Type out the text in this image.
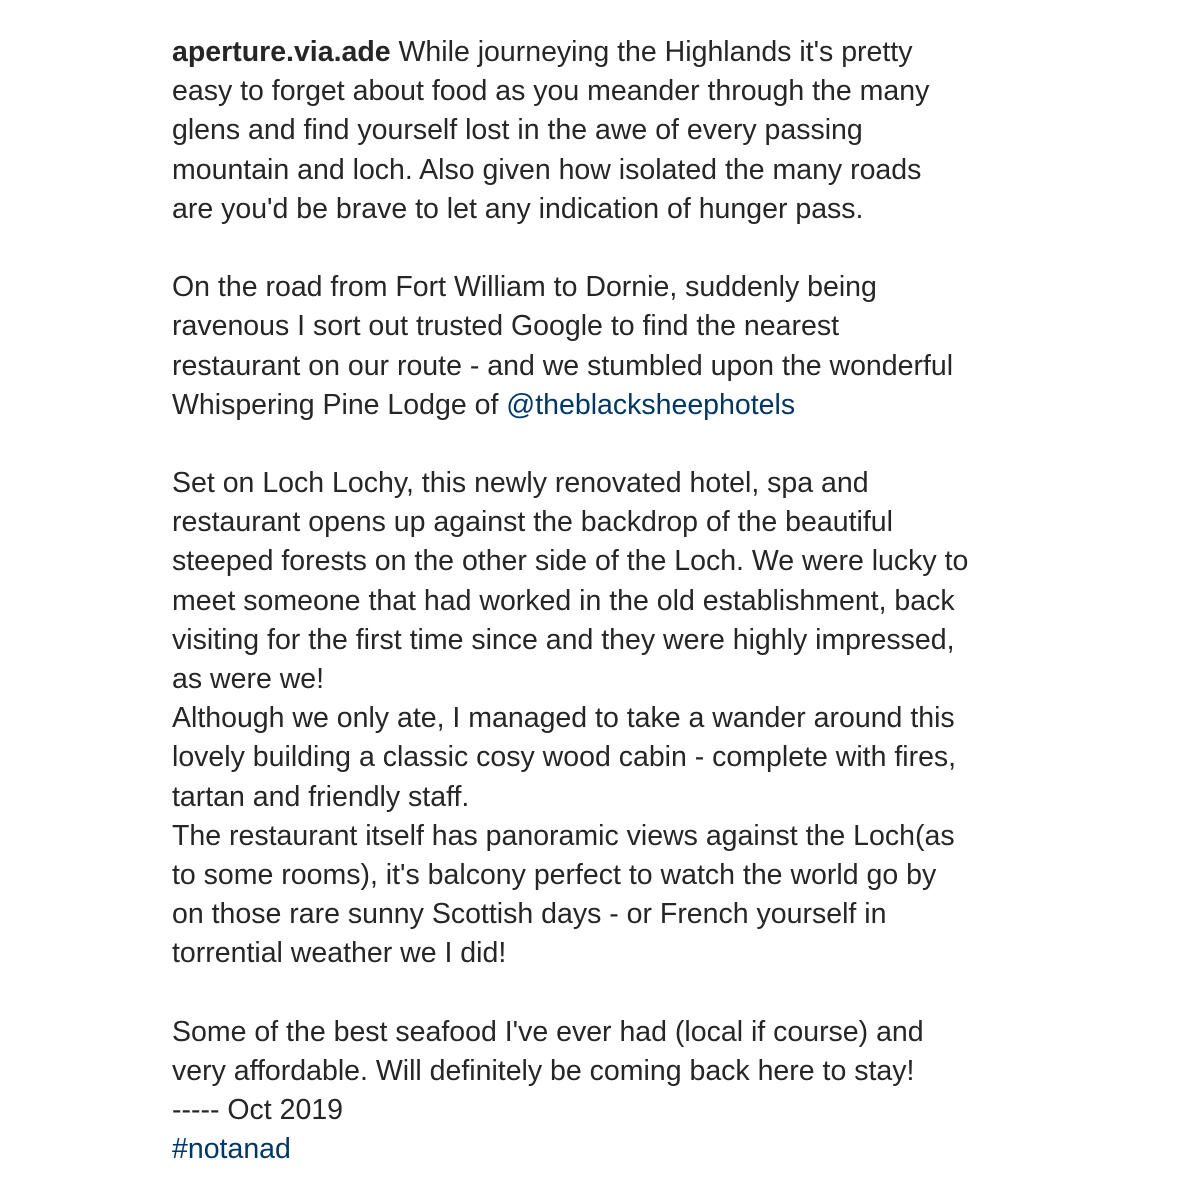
aperture.via.ade While journeying the Highlands it's pretty
easy to forget about food as you meander through the many
glens and find yourself lost in the awe of every passing
mountain and loch. Also given how isolated the many roads
are you'd be brave to let any indication of hunger pass.
On the road from Fort William to Dornie, suddenly being
ravenous I sort out trusted Google to find the nearest
restaurant on our route - and we stumbled upon the wonderful
Whispering Pine Lodge of @theblacksheephotels
Set on Loch Lochy, this newly renovated hotel, spa and
restaurant opens up against the backdrop of the beautiful
steeped forests on the other side of the Loch. We were lucky to
meet someone that had worked in the old establishment, back
visiting for the first time since and they were highly impressed,
as were we!
Although we only ate, I managed to take a wander around this
lovely building a classic cosy wood cabin - complete with fires,
tartan and friendly staff.
The restaurant itself has panoramic views against the Loch(as
to some rooms), it's balcony perfect to watch the world go by
on those rare sunny Scottish days - or French yourself in
torrential weather we I did!
Some of the best seafood I've ever had (local if course) and
very affordable. Will definitely be coming back here to stay!
----- Oct 2019
#notanad
